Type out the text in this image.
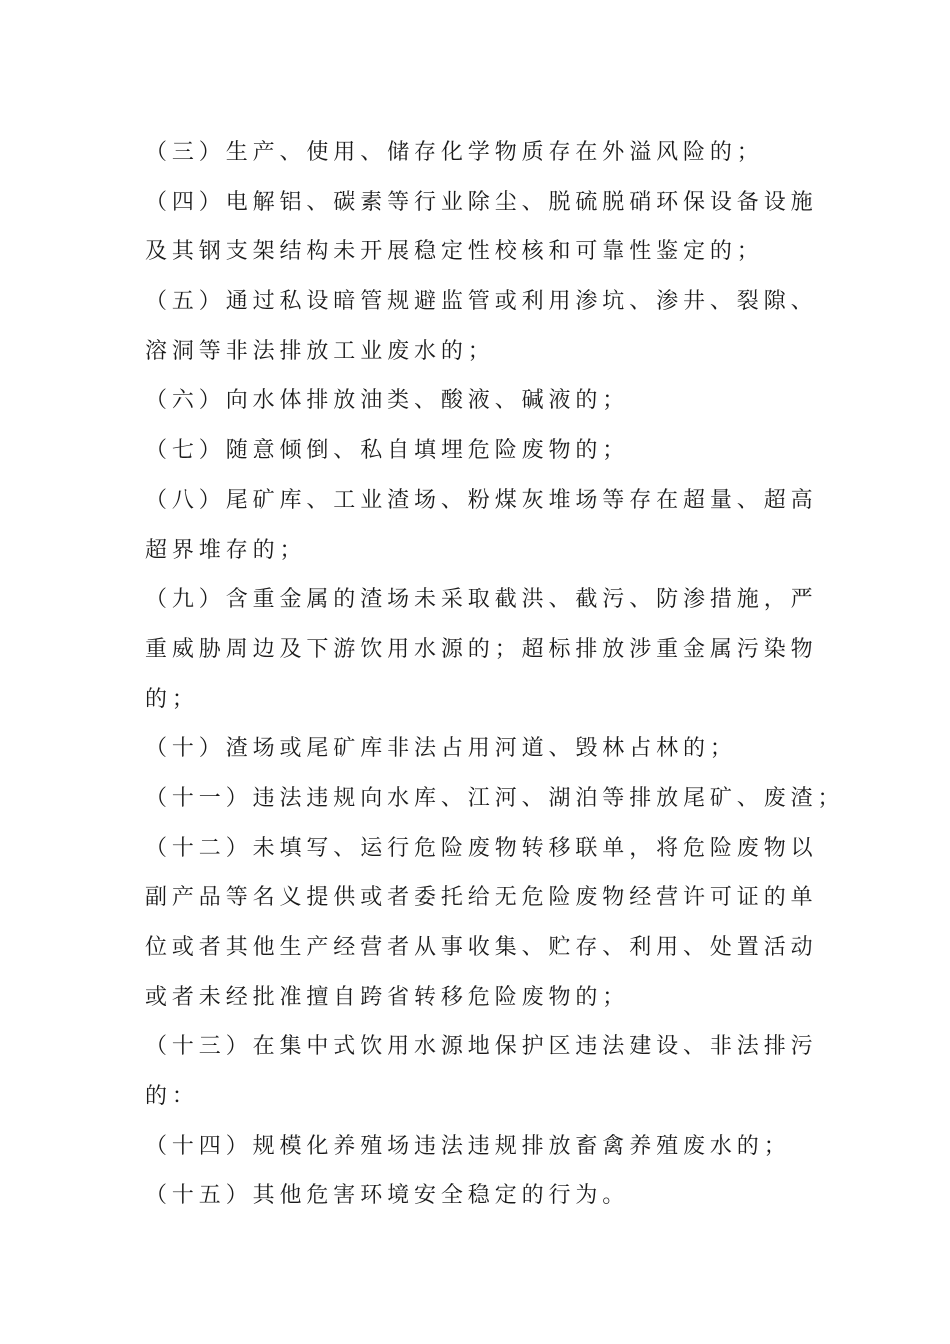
（三）生产、使用、储存化学物质存在外溢风险的；
（四）电解铝、碳素等行业除尘、脱硫脱硝环保设备设施
及其钢支架结构未开展稳定性校核和可靠性鉴定的；
（五）通过私设暗管规避监管或利用渗坑、渗井、裂隙、
溶洞等非法排放工业废水的；
（六）向水体排放油类、酸液、碱液的；
（七）随意倾倒、私自填埋危险废物的；
（八）尾矿库、工业渣场、粉煤灰堆场等存在超量、超高
超界堆存的；
（九）含重金属的渣场未采取截洪、截污、防渗措施，严
重威胁周边及下游饮用水源的；超标排放涉重金属污染物
的；
（十）渣场或尾矿库非法占用河道、毁林占林的；
（十一）违法违规向水库、江河、湖泊等排放尾矿、废渣；
（十二）未填写、运行危险废物转移联单，将危险废物以
副产品等名义提供或者委托给无危险废物经营许可证的单
位或者其他生产经营者从事收集、贮存、利用、处置活动
或者未经批准擅自跨省转移危险废物的；
（十三）在集中式饮用水源地保护区违法建设、非法排污
的：
（十四）规模化养殖场违法违规排放畜禽养殖废水的；
（十五）其他危害环境安全稳定的行为。
